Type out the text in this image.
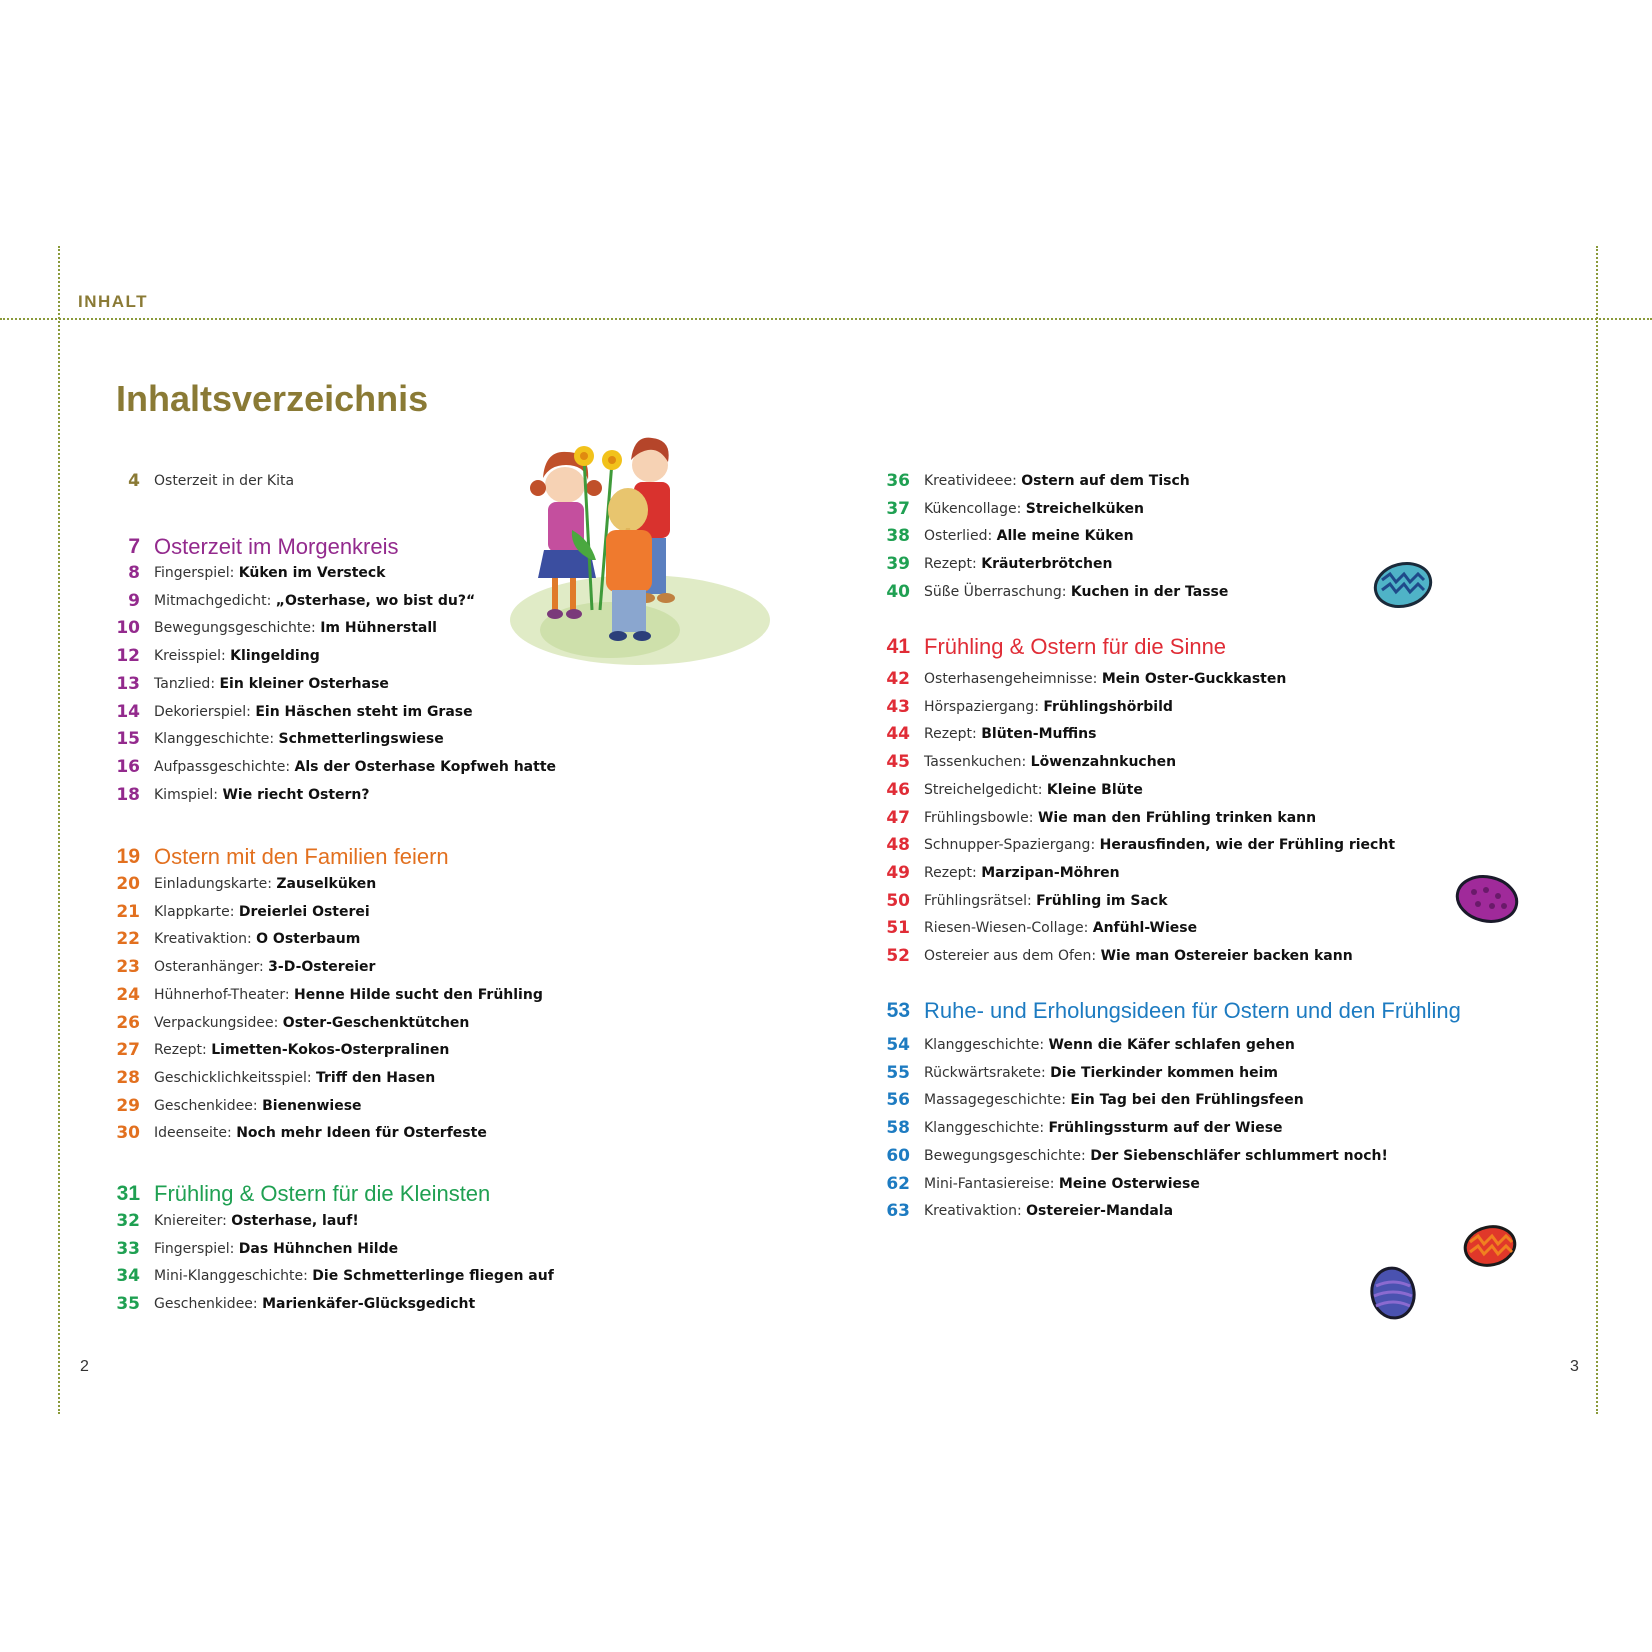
INHALT
Inhaltsverzeichnis
2	3
4 Osterzeit in der Kita
7 Osterzeit im Morgenkreis
8 Fingerspiel: Küken im Versteck
9 Mitmachgedicht: „Osterhase, wo bist du?“
10 Bewegungsgeschichte: Im Hühnerstall
12 Kreisspiel: Klingelding
13 Tanzlied: Ein kleiner Osterhase
14 Dekorierspiel: Ein Häschen steht im Grase
15 Klanggeschichte: Schmetterlingswiese
16 Aufpassgeschichte: Als der Osterhase Kopfweh hatte
18 Kimspiel: Wie riecht Ostern?
19 Ostern mit den Familien feiern
20 Einladungskarte: Zauselküken
21 Klappkarte: Dreierlei Osterei
22 Kreativaktion: O Osterbaum
23 Osteranhänger: 3-D-Ostereier
24 Hühnerhof-Theater: Henne Hilde sucht den Frühling
26 Verpackungsidee: Oster-Geschenktütchen
27 Rezept: Limetten-Kokos-Osterpralinen
28 Geschicklichkeitsspiel: Triff den Hasen
29 Geschenkidee: Bienenwiese
30 Ideenseite: Noch mehr Ideen für Osterfeste
31 Frühling & Ostern für die Kleinsten
32 Kniereiter: Osterhase, lauf!
33 Fingerspiel: Das Hühnchen Hilde
34 Mini-Klanggeschichte: Die Schmetterlinge fliegen auf
35 Geschenkidee: Marienkäfer-Glücksgedicht
36 Kreativideee: Ostern auf dem Tisch
37 Kükencollage: Streichelküken
38 Osterlied: Alle meine Küken
39 Rezept: Kräuterbrötchen
40 Süße Überraschung: Kuchen in der Tasse
41 Frühling & Ostern für die Sinne
42 Osterhasengeheimnisse: Mein Oster-Guckkasten
43 Hörspaziergang: Frühlingshörbild
44 Rezept: Blüten-Muffins
45 Tassenkuchen: Löwenzahnkuchen
46 Streichelgedicht: Kleine Blüte
47 Frühlingsbowle: Wie man den Frühling trinken kann
48 Schnupper-Spaziergang: Herausfinden, wie der Frühling riecht
49 Rezept: Marzipan-Möhren
50 Frühlingsrätsel: Frühling im Sack
51 Riesen-Wiesen-Collage: Anfühl-Wiese
52 Ostereier aus dem Ofen: Wie man Ostereier backen kann
53 Ruhe- und Erholungsideen für Ostern und den Frühling
54 Klanggeschichte: Wenn die Käfer schlafen gehen
55 Rückwärtsrakete: Die Tierkinder kommen heim
56 Massagegeschichte: Ein Tag bei den Frühlingsfeen
58 Klanggeschichte: Frühlingssturm auf der Wiese
60 Bewegungsgeschichte: Der Siebenschläfer schlummert noch!
62 Mini-Fantasiereise: Meine Osterwiese
63 Kreativaktion: Ostereier-Mandala
